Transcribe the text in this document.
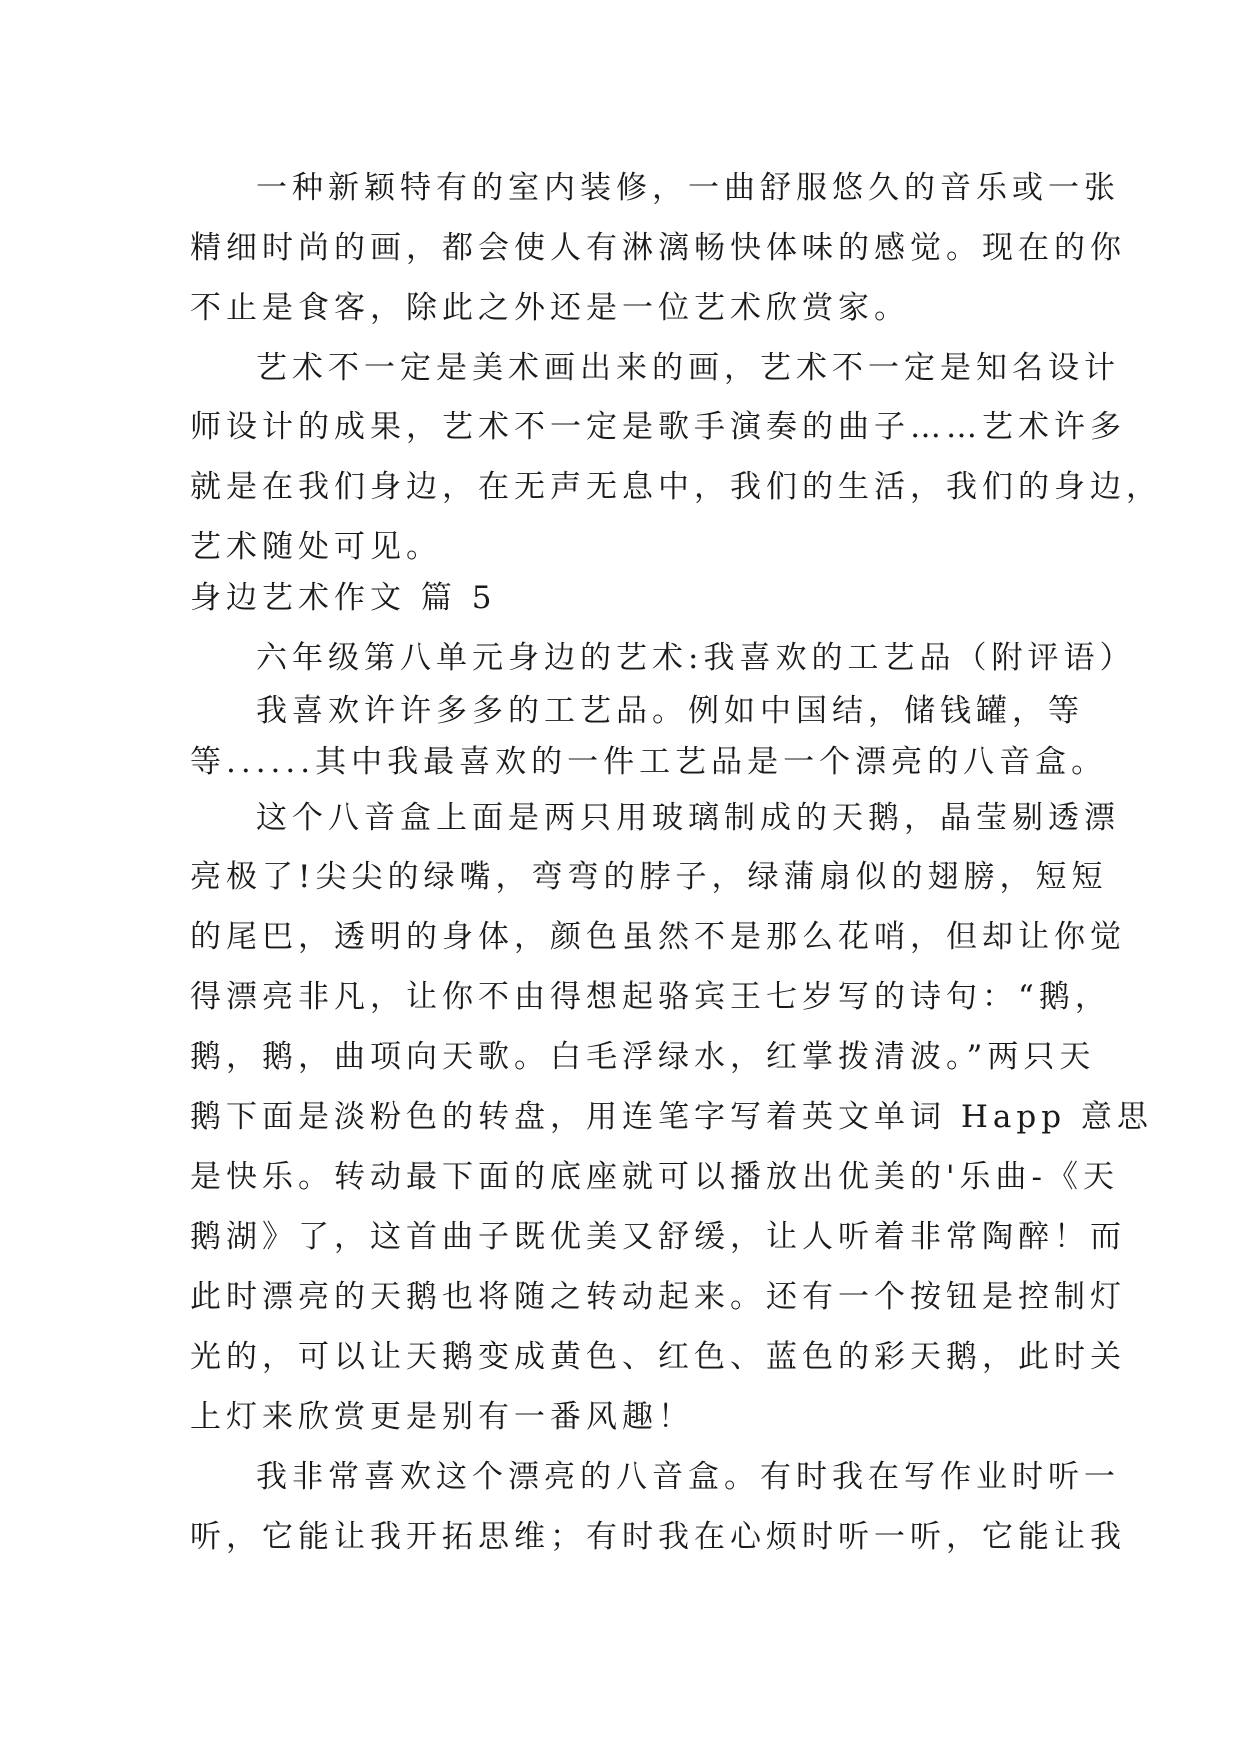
一种新颖特有的室内装修，一曲舒服悠久的音乐或一张
精细时尚的画，都会使人有淋漓畅快体味的感觉。现在的你
不止是食客，除此之外还是一位艺术欣赏家。
艺术不一定是美术画出来的画，艺术不一定是知名设计
师设计的成果，艺术不一定是歌手演奏的曲子……艺术许多
就是在我们身边，在无声无息中，我们的生活，我们的身边，
艺术随处可见。
身边艺术作文 篇 5
六年级第八单元身边的艺术:我喜欢的工艺品（附评语）
我喜欢许许多多的工艺品。例如中国结，储钱罐，等
等......其中我最喜欢的一件工艺品是一个漂亮的八音盒。
这个八音盒上面是两只用玻璃制成的天鹅，晶莹剔透漂
亮极了!尖尖的绿嘴，弯弯的脖子，绿蒲扇似的翅膀，短短
的尾巴，透明的身体，颜色虽然不是那么花哨，但却让你觉
得漂亮非凡，让你不由得想起骆宾王七岁写的诗句：“鹅，
鹅，鹅，曲项向天歌。白毛浮绿水，红掌拨清波。”两只天
鹅下面是淡粉色的转盘，用连笔字写着英文单词 Happ 意思
是快乐。转动最下面的底座就可以播放出优美的'乐曲-《天
鹅湖》了，这首曲子既优美又舒缓，让人听着非常陶醉！而
此时漂亮的天鹅也将随之转动起来。还有一个按钮是控制灯
光的，可以让天鹅变成黄色、红色、蓝色的彩天鹅，此时关
上灯来欣赏更是别有一番风趣！
我非常喜欢这个漂亮的八音盒。有时我在写作业时听一
听，它能让我开拓思维；有时我在心烦时听一听，它能让我
